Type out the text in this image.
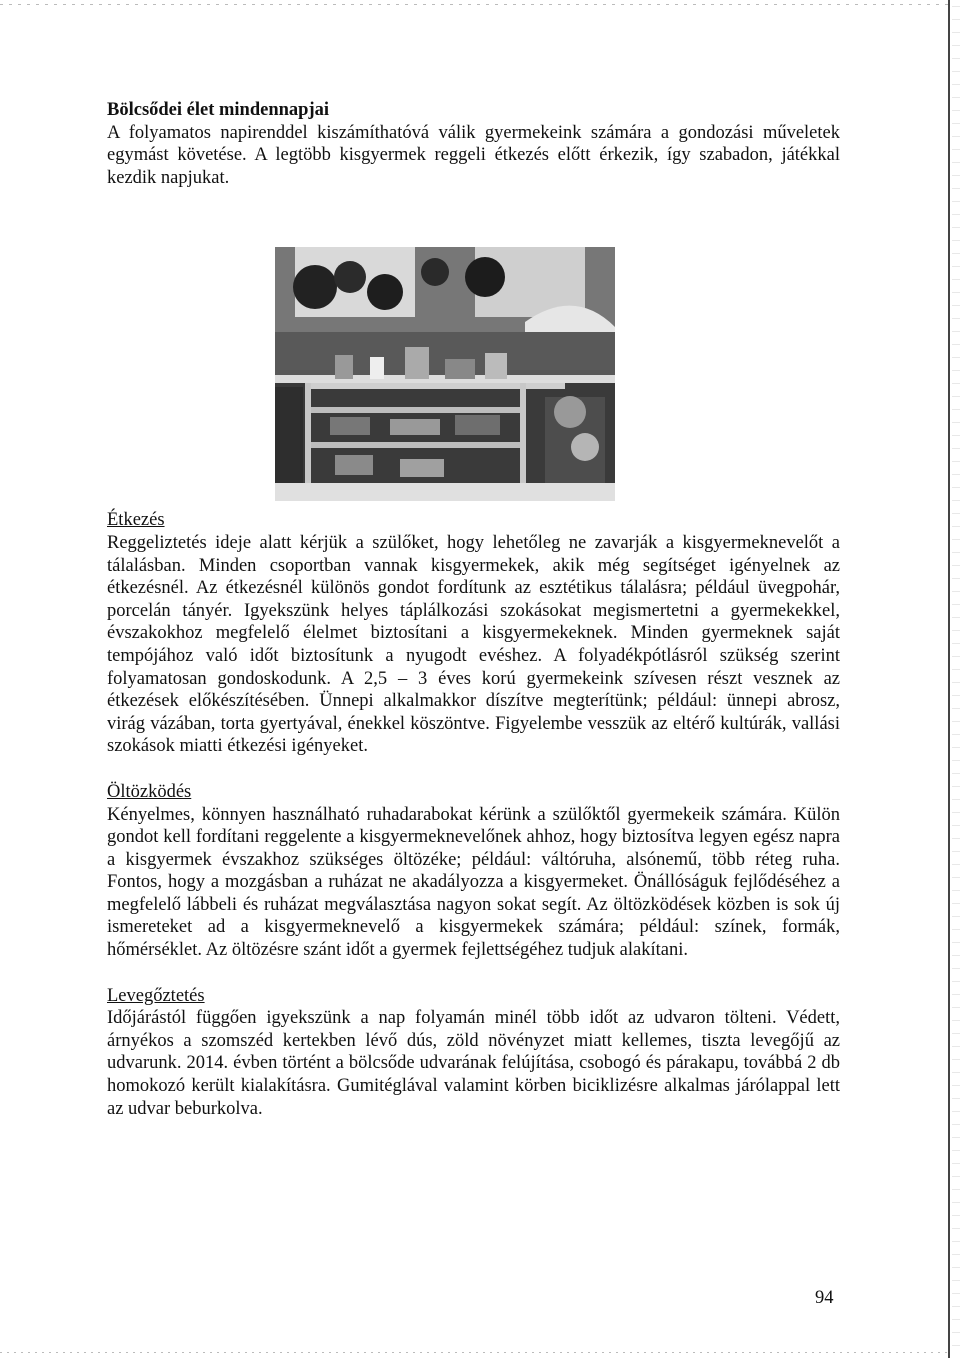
Bölcsődei élet mindennapjai

A folyamatos napirenddel kiszámíthatóvá válik gyermekeink számára a gondozási műveletek egymást követése. A legtöbb kisgyermek reggeli étkezés előtt érkezik, így szabadon, játékkal kezdik napjukat.

Étkezés

Reggeliztetés ideje alatt kérjük a szülőket, hogy lehetőleg ne zavarják a kisgyermeknevelőt a tálalásban. Minden csoportban vannak kisgyermekek, akik még segítséget igényelnek az étkezésnél. Az étkezésnél különös gondot fordítunk az esztétikus tálalásra; például üvegpohár, porcelán tányér. Igyekszünk helyes táplálkozási szokásokat megismertetni a gyermekekkel, évszakokhoz megfelelő élelmet biztosítani a kisgyermekeknek. Minden gyermeknek saját tempójához való időt biztosítunk a nyugodt evéshez. A folyadékpótlásról szükség szerint folyamatosan gondoskodunk. A 2,5 – 3 éves korú gyermekeink szívesen részt vesznek az étkezések előkészítésében. Ünnepi alkalmakkor díszítve megterítünk; például: ünnepi abrosz, virág vázában, torta gyertyával, énekkel köszöntve. Figyelembe vesszük az eltérő kultúrák, vallási szokások miatti étkezési igényeket.

Öltözködés

Kényelmes, könnyen használható ruhadarabokat kérünk a szülőktől gyermekeik számára. Külön gondot kell fordítani reggelente a kisgyermeknevelőnek ahhoz, hogy biztosítva legyen egész napra a kisgyermek évszakhoz szükséges öltözéke; például: váltóruha, alsónemű, több réteg ruha. Fontos, hogy a mozgásban a ruházat ne akadályozza a kisgyermeket. Önállóságuk fejlődéséhez a megfelelő lábbeli és ruházat megválasztása nagyon sokat segít. Az öltözködések közben is sok új ismereteket ad a kisgyermeknevelő a kisgyermekek számára; például: színek, formák, hőmérséklet. Az öltözésre szánt időt a gyermek fejlettségéhez tudjuk alakítani.

Levegőztetés

Időjárástól függően igyekszünk a nap folyamán minél több időt az udvaron tölteni. Védett, árnyékos a szomszéd kertekben lévő dús, zöld növényzet miatt kellemes, tiszta levegőjű az udvarunk. 2014. évben történt a bölcsőde udvarának felújítása, csobogó és párakapu, továbbá 2 db homokozó került kialakításra. Gumitéglával valamint körben biciklizésre alkalmas járólappal lett az udvar beburkolva.

94
